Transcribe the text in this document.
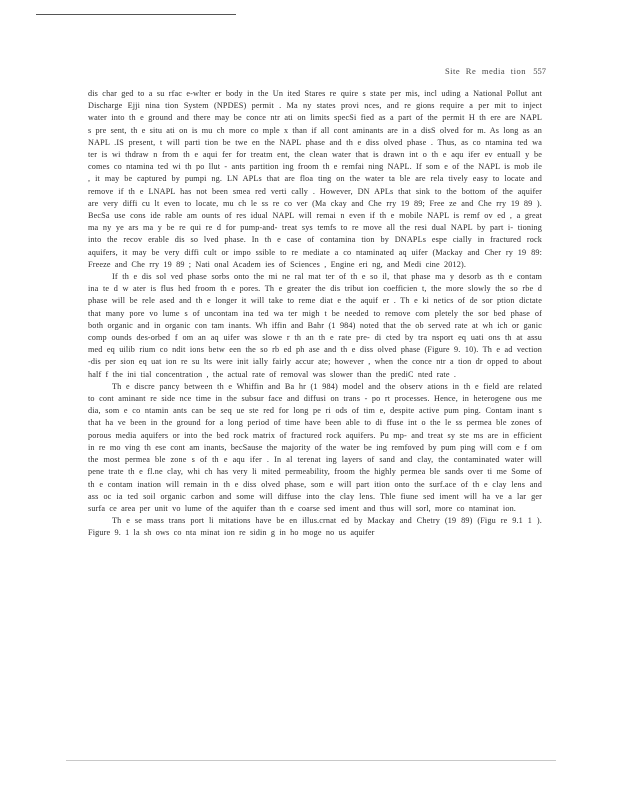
Site Re media tion 557

dis char ged to a su rfac e-wlter er body in the Un ited Stares re quire s state per mis, incl uding a National Pollut ant Discharge Ejji nina tion System (NPDES) permit . Ma ny states provi nces, and re gions require a per mit to inject water into th e ground and there may be conce ntr ati on limits specSi fied as a part of the permit H th ere are NAPL s pre sent, th e situ ati on is mu ch more co mple x than if all cont aminants are in a disS olved for m. As long as an NAPL .IS present, t will parti tion be twe en the NAPL phase and th e diss olved phase . Thus, as co ntamina ted wa ter is wi thdraw n from th e aqui fer for treatm ent, the clean water that is drawn int o th e aqu ifer ev entuall y be comes co ntamina ted wi th po llut - ants partition ing froom th e remfai ning NAPL. If som e of the NAPL is mob ile , it may be captured by pumpi ng. LN APLs that are floa ting on the water ta ble are rela tively easy to locate and remove if th e LNAPL has not been smea red verti cally . However, DN APLs that sink to the bottom of the aquifer are very diffi cu lt even to locate, mu ch le ss re co ver (Ma ckay and Che rry 19 89; Free ze and Che rry 19 89 ). BecSa use cons ide rable am ounts of res idual NAPL will remai n even if th e mobile NAPL is remf ov ed , a great ma ny ye ars ma y be re qui re d for pump-and- treat sys temfs to re move all the resi dual NAPL by part i- tioning into the recov erable dis so lved phase. In th e case of contamina tion by DNAPLs espe cially in fractured rock aquifers, it may be very diffi cult or impo ssible to re mediate a co ntaminated aq uifer (Mackay and Cher ry 19 89: Freeze and Che rry 19 89 ; Nati onal Academ ies of Sciences , Engine eri ng, and Medi cine 2012).

If th e dis sol ved phase sorbs onto the mi ne ral mat ter of th e so il, that phase ma y desorb as th e contam ina te d w ater is flus hed froom th e pores. Th e greater the dis tribut ion coefficien t, the more slowly the so rbe d phase will be rele ased and th e longer it will take to reme diat e the aquif er . Th e ki netics of de sor ption dictate that many pore vo lume s of uncontam ina ted wa ter migh t be needed to remove com pletely the sor bed phase of both organic and in organic con tam inants. Wh iffin and Bahr (1 984) noted that the ob served rate at wh ich or ganic comp ounds des-orbed f om an aq uifer was slowe r th an th e rate pre- di cted by tra nsport eq uati ons th at assu med eq uilib rium co ndit ions betw een the so rb ed ph ase and th e diss olved phase (Figure 9. 10). Th e ad vection -dis per sion eq uat ion re su lts were init ially fairly accur ate; however , when the conce ntr a tion dr opped to about half f the ini tial concentration , the actual rate of removal was slower than the prediC nted rate .

Th e discre pancy between th e Whiffin and Ba hr (1 984) model and the observ ations in th e field are related to cont aminant re side nce time in the subsur face and diffusi on trans - po rt processes. Hence, in heterogene ous me dia, som e co ntamin ants can be seq ue ste red for long pe ri ods of tim e, despite active pum ping. Contam inant s that ha ve been in the ground for a long period of time have been able to di ffuse int o the le ss permea ble zones of porous media aquifers or into the bed rock matrix of fractured rock aquifers. Pu mp- and treat sy ste ms are in efficient in re mo ving th ese cont am inants, becSause the majority of the water be ing remfoved by pum ping will com e f om the most permea ble zone s of th e aqu ifer . In al terenat ing layers of sand and clay, the contaminated water will pene trate th e fl.ne clay, whi ch has very li mited permeability, froom the highly permea ble sands over ti me Some of th e contam ination will remain in th e diss olved phase, som e will part ition onto the surf.ace of th e clay lens and ass oc ia ted soil organic carbon and some will diffuse into the clay lens. Thle fiune sed iment will ha ve a lar ger surfa ce area per unit vo lume of the aquifer than th e coarse sed iment and thus will sorl, more co ntaminat ion.

Th e se mass trans port li mitations have be en illus.crnat ed by Mackay and Chetry (19 89) (Figu re 9.1 1 ). Figure 9. 1 la sh ows co nta minat ion re sidin g in ho moge no us aquifer
